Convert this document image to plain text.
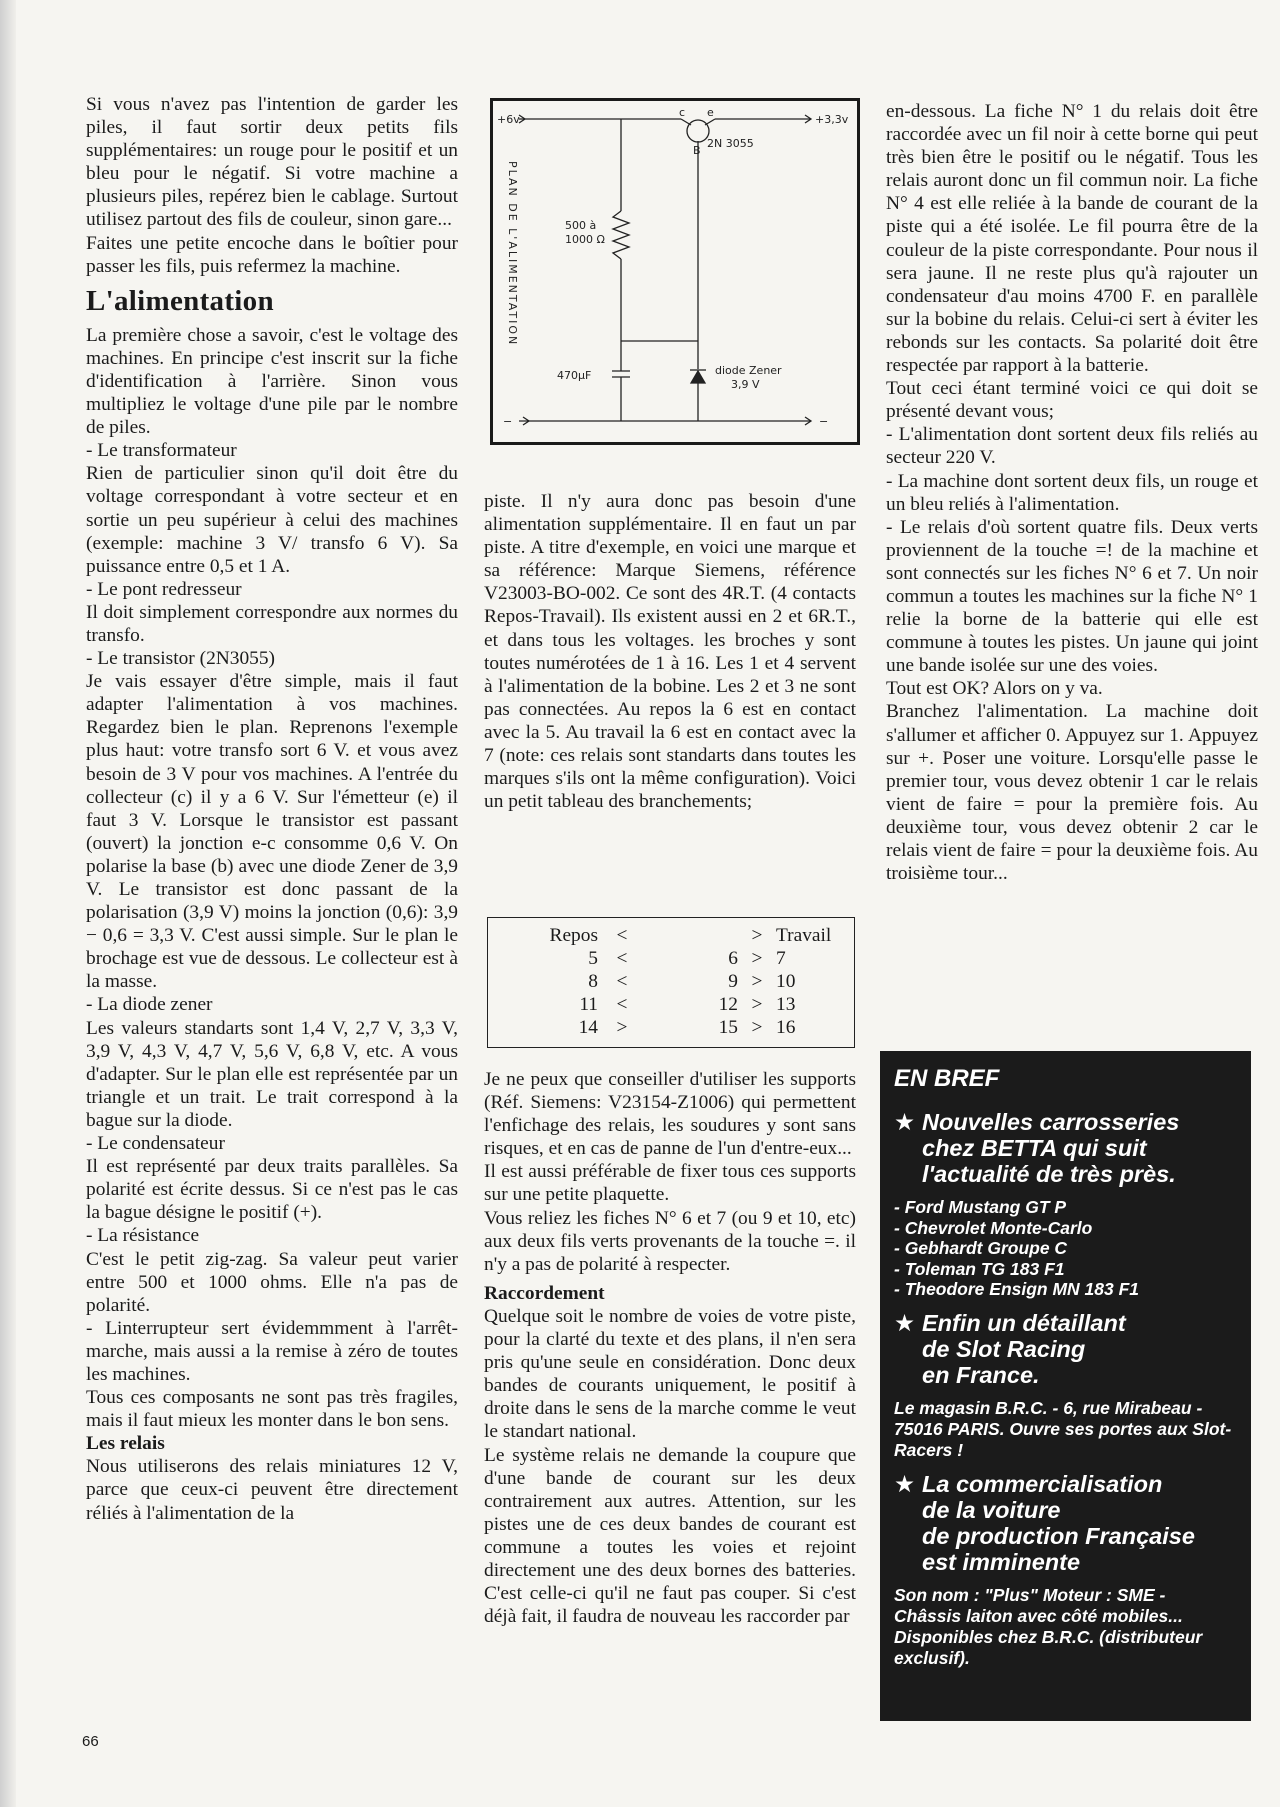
Si vous n'avez pas l'intention de garder les piles, il faut sortir deux petits fils supplémentaires: un rouge pour le positif et un bleu pour le négatif. Si votre machine a plusieurs piles, repérez bien le cablage. Surtout utilisez partout des fils de couleur, sinon gare...

Faites une petite encoche dans le boîtier pour passer les fils, puis refermez la machine.

L'alimentation

La première chose a savoir, c'est le voltage des machines. En principe c'est inscrit sur la fiche d'identification à l'arrière. Sinon vous multipliez le voltage d'une pile par le nombre de piles.

- Le transformateur

Rien de particulier sinon qu'il doit être du voltage correspondant à votre secteur et en sortie un peu supérieur à celui des machines (exemple: machine 3 V/ transfo 6 V). Sa puissance entre 0,5 et 1 A.

- Le pont redresseur

Il doit simplement correspondre aux normes du transfo.

- Le transistor (2N3055)

Je vais essayer d'être simple, mais il faut adapter l'alimentation à vos machines. Regardez bien le plan. Reprenons l'exemple plus haut: votre transfo sort 6 V. et vous avez besoin de 3 V pour vos machines. A l'entrée du collecteur (c) il y a 6 V. Sur l'émetteur (e) il faut 3 V. Lorsque le transistor est passant (ouvert) la jonction e-c consomme 0,6 V. On polarise la base (b) avec une diode Zener de 3,9 V. Le transistor est donc passant de la polarisation (3,9 V) moins la jonction (0,6): 3,9 − 0,6 = 3,3 V. C'est aussi simple. Sur le plan le brochage est vue de dessous. Le collecteur est à la masse.

- La diode zener

Les valeurs standarts sont 1,4 V, 2,7 V, 3,3 V, 3,9 V, 4,3 V, 4,7 V, 5,6 V, 6,8 V, etc. A vous d'adapter. Sur le plan elle est représentée par un triangle et un trait. Le trait correspond à la bague sur la diode.

- Le condensateur

Il est représenté par deux traits parallèles. Sa polarité est écrite dessus. Si ce n'est pas le cas la bague désigne le positif (+).

- La résistance

C'est le petit zig-zag. Sa valeur peut varier entre 500 et 1000 ohms. Elle n'a pas de polarité.

- Linterrupteur sert évidemmment à l'arrêt-marche, mais aussi a la remise à zéro de toutes les machines.

Tous ces composants ne sont pas très fragiles, mais il faut mieux les monter dans le bon sens.

Les relais

Nous utiliserons des relais miniatures 12 V, parce que ceux-ci peuvent être directement réliés à l'alimentation de la

+6v	+3,3v
2N 3055
c e
B
500 à
1000 Ω
470µF	diode Zener
3,9 V
−	−
PLAN DE L'ALIMENTATION

piste. Il n'y aura donc pas besoin d'une alimentation supplémentaire. Il en faut un par piste. A titre d'exemple, en voici une marque et sa référence: Marque Siemens, référence V23003-BO-002. Ce sont des 4R.T. (4 contacts Repos-Travail). Ils existent aussi en 2 et 6R.T., et dans tous les voltages. les broches y sont toutes numérotées de 1 à 16. Les 1 et 4 servent à l'alimentation de la bobine. Les 2 et 3 ne sont pas connectées. Au repos la 6 est en contact avec la 5. Au travail la 6 est en contact avec la 7 (note: ces relais sont standarts dans toutes les marques s'ils ont la même configuration). Voici un petit tableau des branchements;

Repos	<		>	Travail
5	<	6	>	7
8	<	9	>	10
11	<	12	>	13
14	>	15	>	16

Je ne peux que conseiller d'utiliser les supports (Réf. Siemens: V23154-Z1006) qui permettent l'enfichage des relais, les soudures y sont sans risques, et en cas de panne de l'un d'entre-eux...

Il est aussi préférable de fixer tous ces supports sur une petite plaquette.

Vous reliez les fiches N° 6 et 7 (ou 9 et 10, etc) aux deux fils verts provenants de la touche =. il n'y a pas de polarité à respecter.

Raccordement

Quelque soit le nombre de voies de votre piste, pour la clarté du texte et des plans, il n'en sera pris qu'une seule en considération. Donc deux bandes de courants uniquement, le positif à droite dans le sens de la marche comme le veut le standart national.

Le système relais ne demande la coupure que d'une bande de courant sur les deux contrairement aux autres. Attention, sur les pistes une de ces deux bandes de courant est commune a toutes les voies et rejoint directement une des deux bornes des batteries. C'est celle-ci qu'il ne faut pas couper. Si c'est déjà fait, il faudra de nouveau les raccorder par

en-dessous. La fiche N° 1 du relais doit être raccordée avec un fil noir à cette borne qui peut très bien être le positif ou le négatif. Tous les relais auront donc un fil commun noir. La fiche N° 4 est elle reliée à la bande de courant de la piste qui a été isolée. Le fil pourra être de la couleur de la piste correspondante. Pour nous il sera jaune. Il ne reste plus qu'à rajouter un condensateur d'au moins 4700 F. en parallèle sur la bobine du relais. Celui-ci sert à éviter les rebonds sur les contacts. Sa polarité doit être respectée par rapport à la batterie.

Tout ceci étant terminé voici ce qui doit se présenté devant vous;

- L'alimentation dont sortent deux fils reliés au secteur 220 V.

- La machine dont sortent deux fils, un rouge et un bleu reliés à l'alimentation.

- Le relais d'où sortent quatre fils. Deux verts proviennent de la touche =! de la machine et sont connectés sur les fiches N° 6 et 7. Un noir commun a toutes les machines sur la fiche N° 1 relie la borne de la batterie qui elle est commune à toutes les pistes. Un jaune qui joint une bande isolée sur une des voies.

Tout est OK? Alors on y va.

Branchez l'alimentation. La machine doit s'allumer et afficher 0. Appuyez sur 1. Appuyez sur +. Poser une voiture. Lorsqu'elle passe le premier tour, vous devez obtenir 1 car le relais vient de faire = pour la première fois. Au deuxième tour, vous devez obtenir 2 car le relais vient de faire = pour la deuxième fois. Au troisième tour...

EN BREF
★ Nouvelles carrosseries
chez BETTA qui suit
l'actualité de très près.
- Ford Mustang GT P
- Chevrolet Monte-Carlo
- Gebhardt Groupe C
- Toleman TG 183 F1
- Theodore Ensign MN 183 F1
★ Enfin un détaillant
de Slot Racing
en France.

Le magasin B.R.C. - 6, rue Mirabeau - 75016 PARIS. Ouvre ses portes aux Slot-Racers !

★ La commercialisation
de la voiture
de production Française
est imminente

Son nom : "Plus" Moteur : SME - Châssis laiton avec côté mobiles... Disponibles chez B.R.C. (distributeur exclusif).

66
